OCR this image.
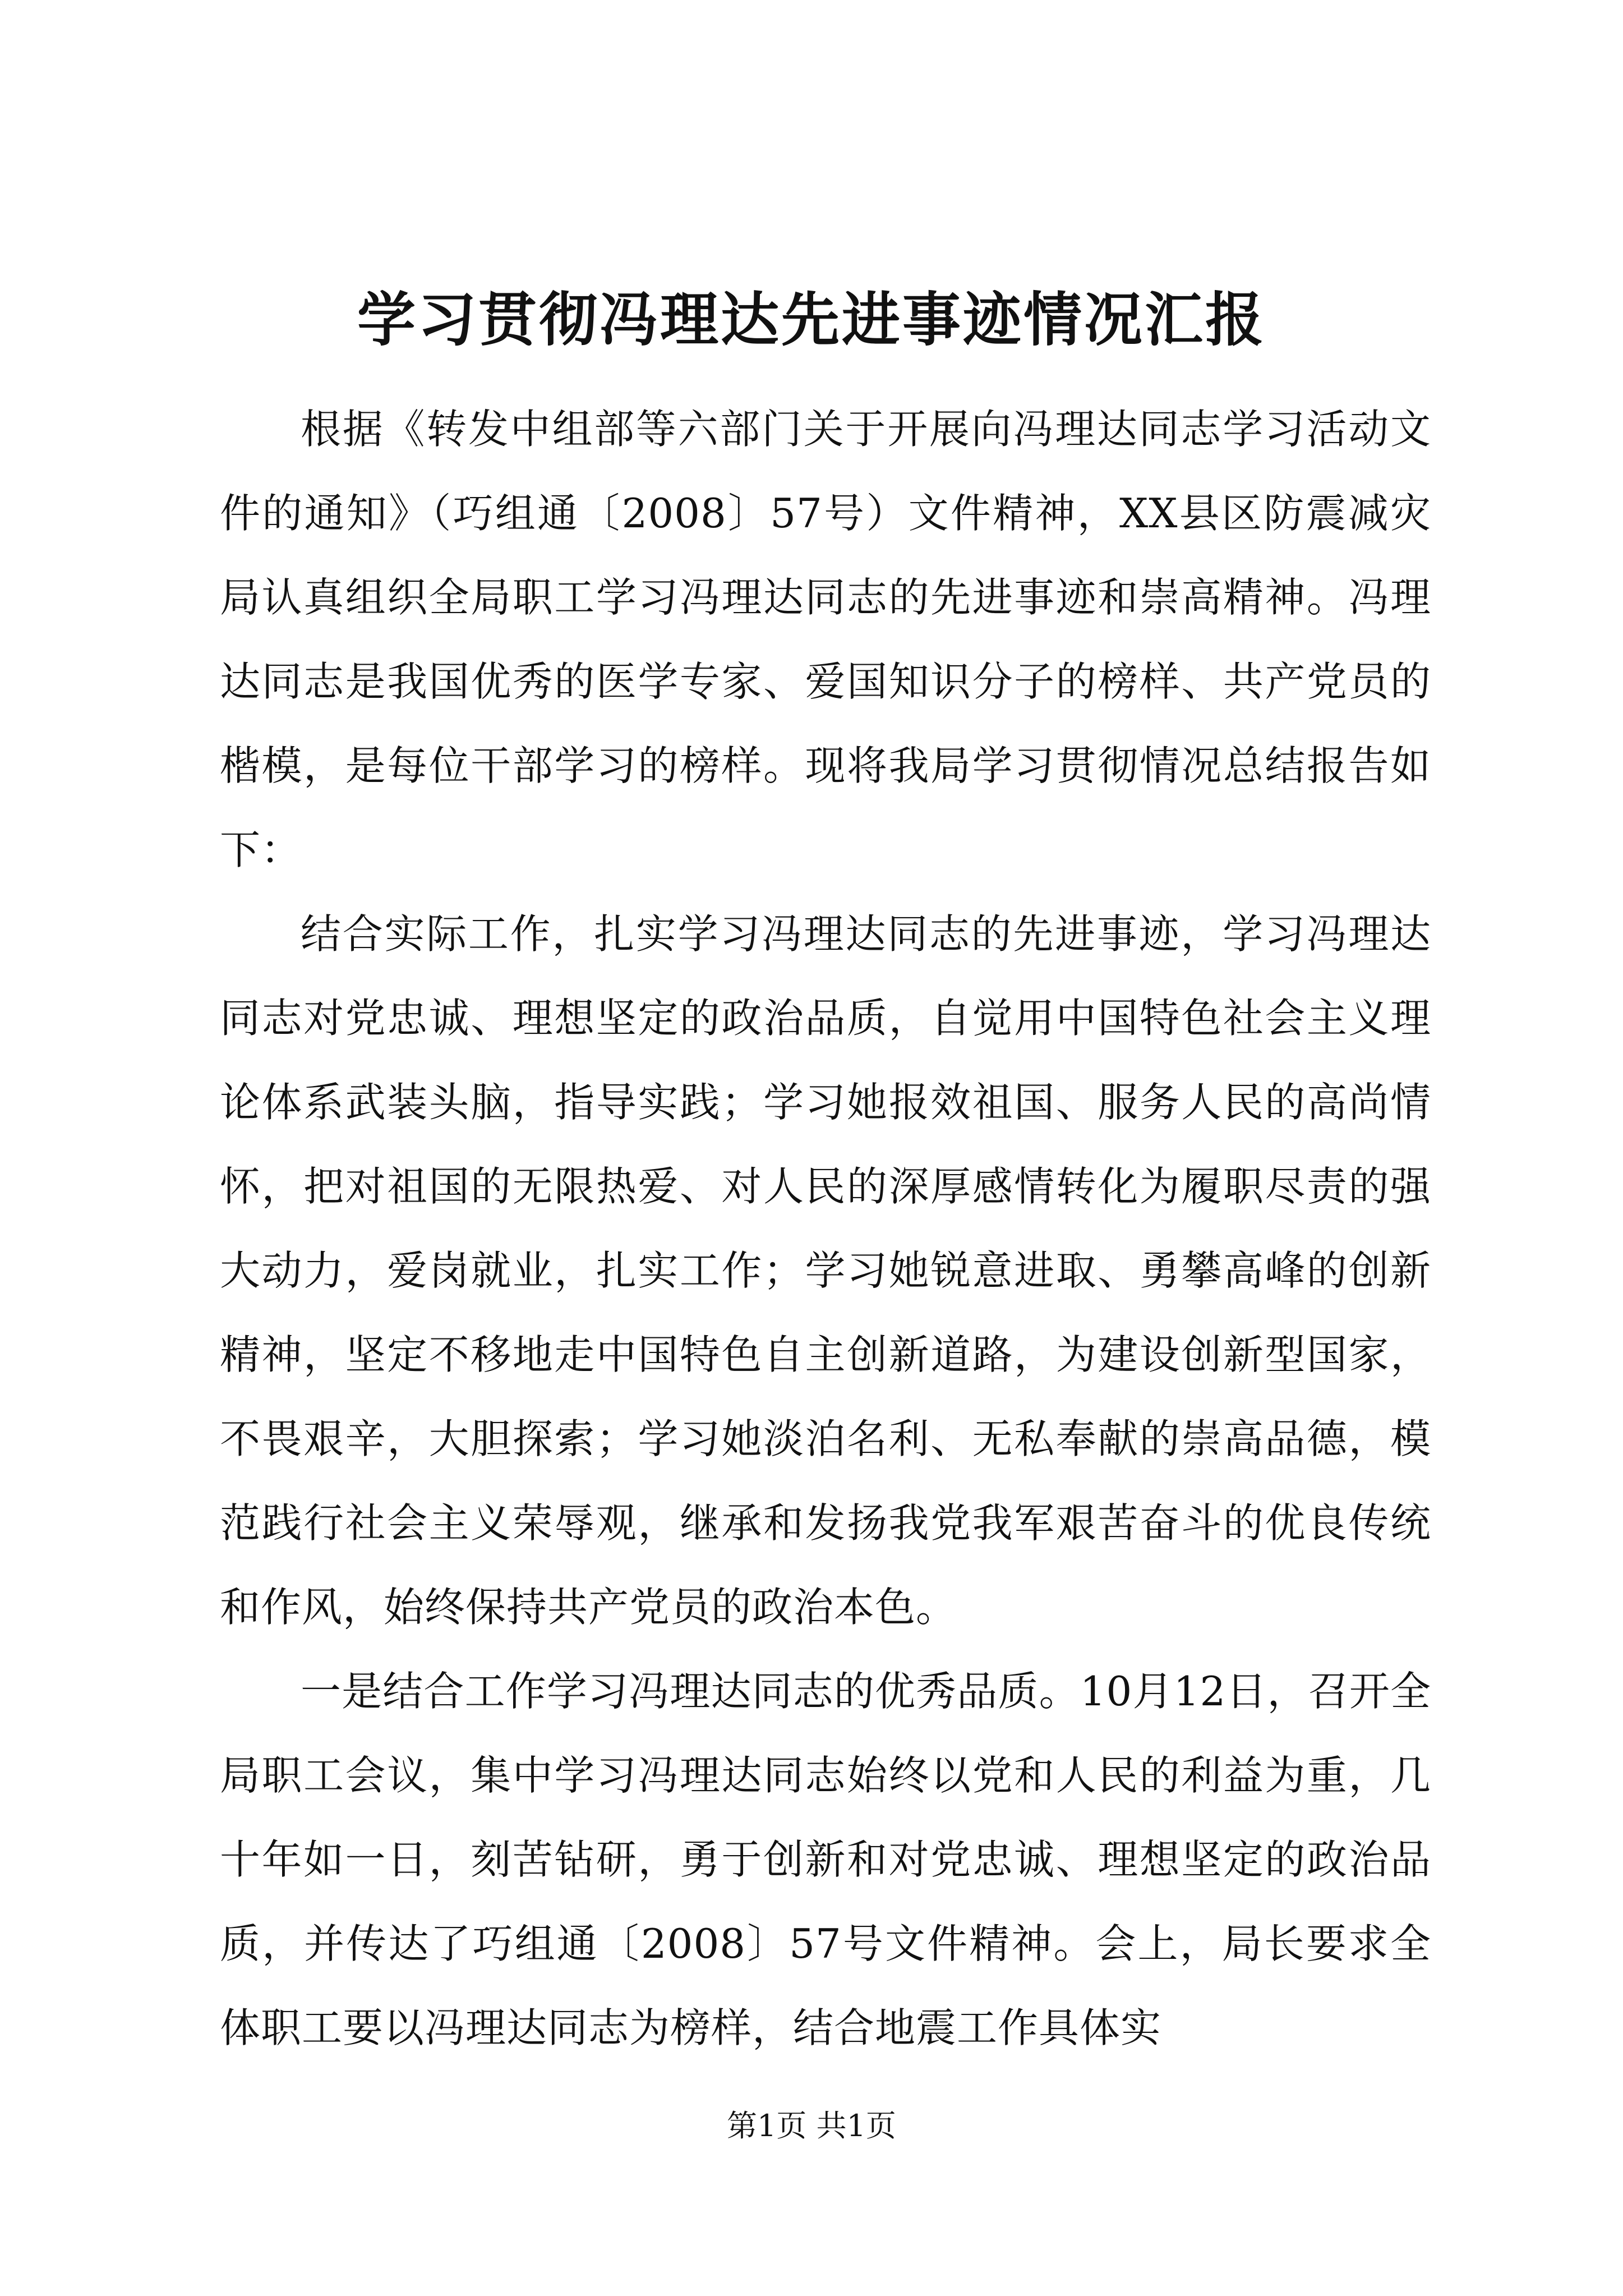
学习贯彻冯理达先进事迹情况汇报

根据《转发中组部等六部门关于开展向冯理达同志学习活动文件的通知》（巧组通〔2008〕57号）文件精神，XX县区防震减灾局认真组织全局职工学习冯理达同志的先进事迹和崇高精神。冯理达同志是我国优秀的医学专家、爱国知识分子的榜样、共产党员的楷模，是每位干部学习的榜样。现将我局学习贯彻情况总结报告如下：

结合实际工作，扎实学习冯理达同志的先进事迹，学习冯理达同志对党忠诚、理想坚定的政治品质，自觉用中国特色社会主义理论体系武装头脑，指导实践；学习她报效祖国、服务人民的高尚情怀，把对祖国的无限热爱、对人民的深厚感情转化为履职尽责的强大动力，爱岗就业，扎实工作；学习她锐意进取、勇攀高峰的创新精神，坚定不移地走中国特色自主创新道路，为建设创新型国家，不畏艰辛，大胆探索；学习她淡泊名利、无私奉献的崇高品德，模范践行社会主义荣辱观，继承和发扬我党我军艰苦奋斗的优良传统和作风，始终保持共产党员的政治本色。

一是结合工作学习冯理达同志的优秀品质。10月12日，召开全局职工会议，集中学习冯理达同志始终以党和人民的利益为重，几十年如一日，刻苦钻研，勇于创新和对党忠诚、理想坚定的政治品质，并传达了巧组通〔2008〕57号文件精神。会上，局长要求全体职工要以冯理达同志为榜样，结合地震工作具体实

第1页 共1页
